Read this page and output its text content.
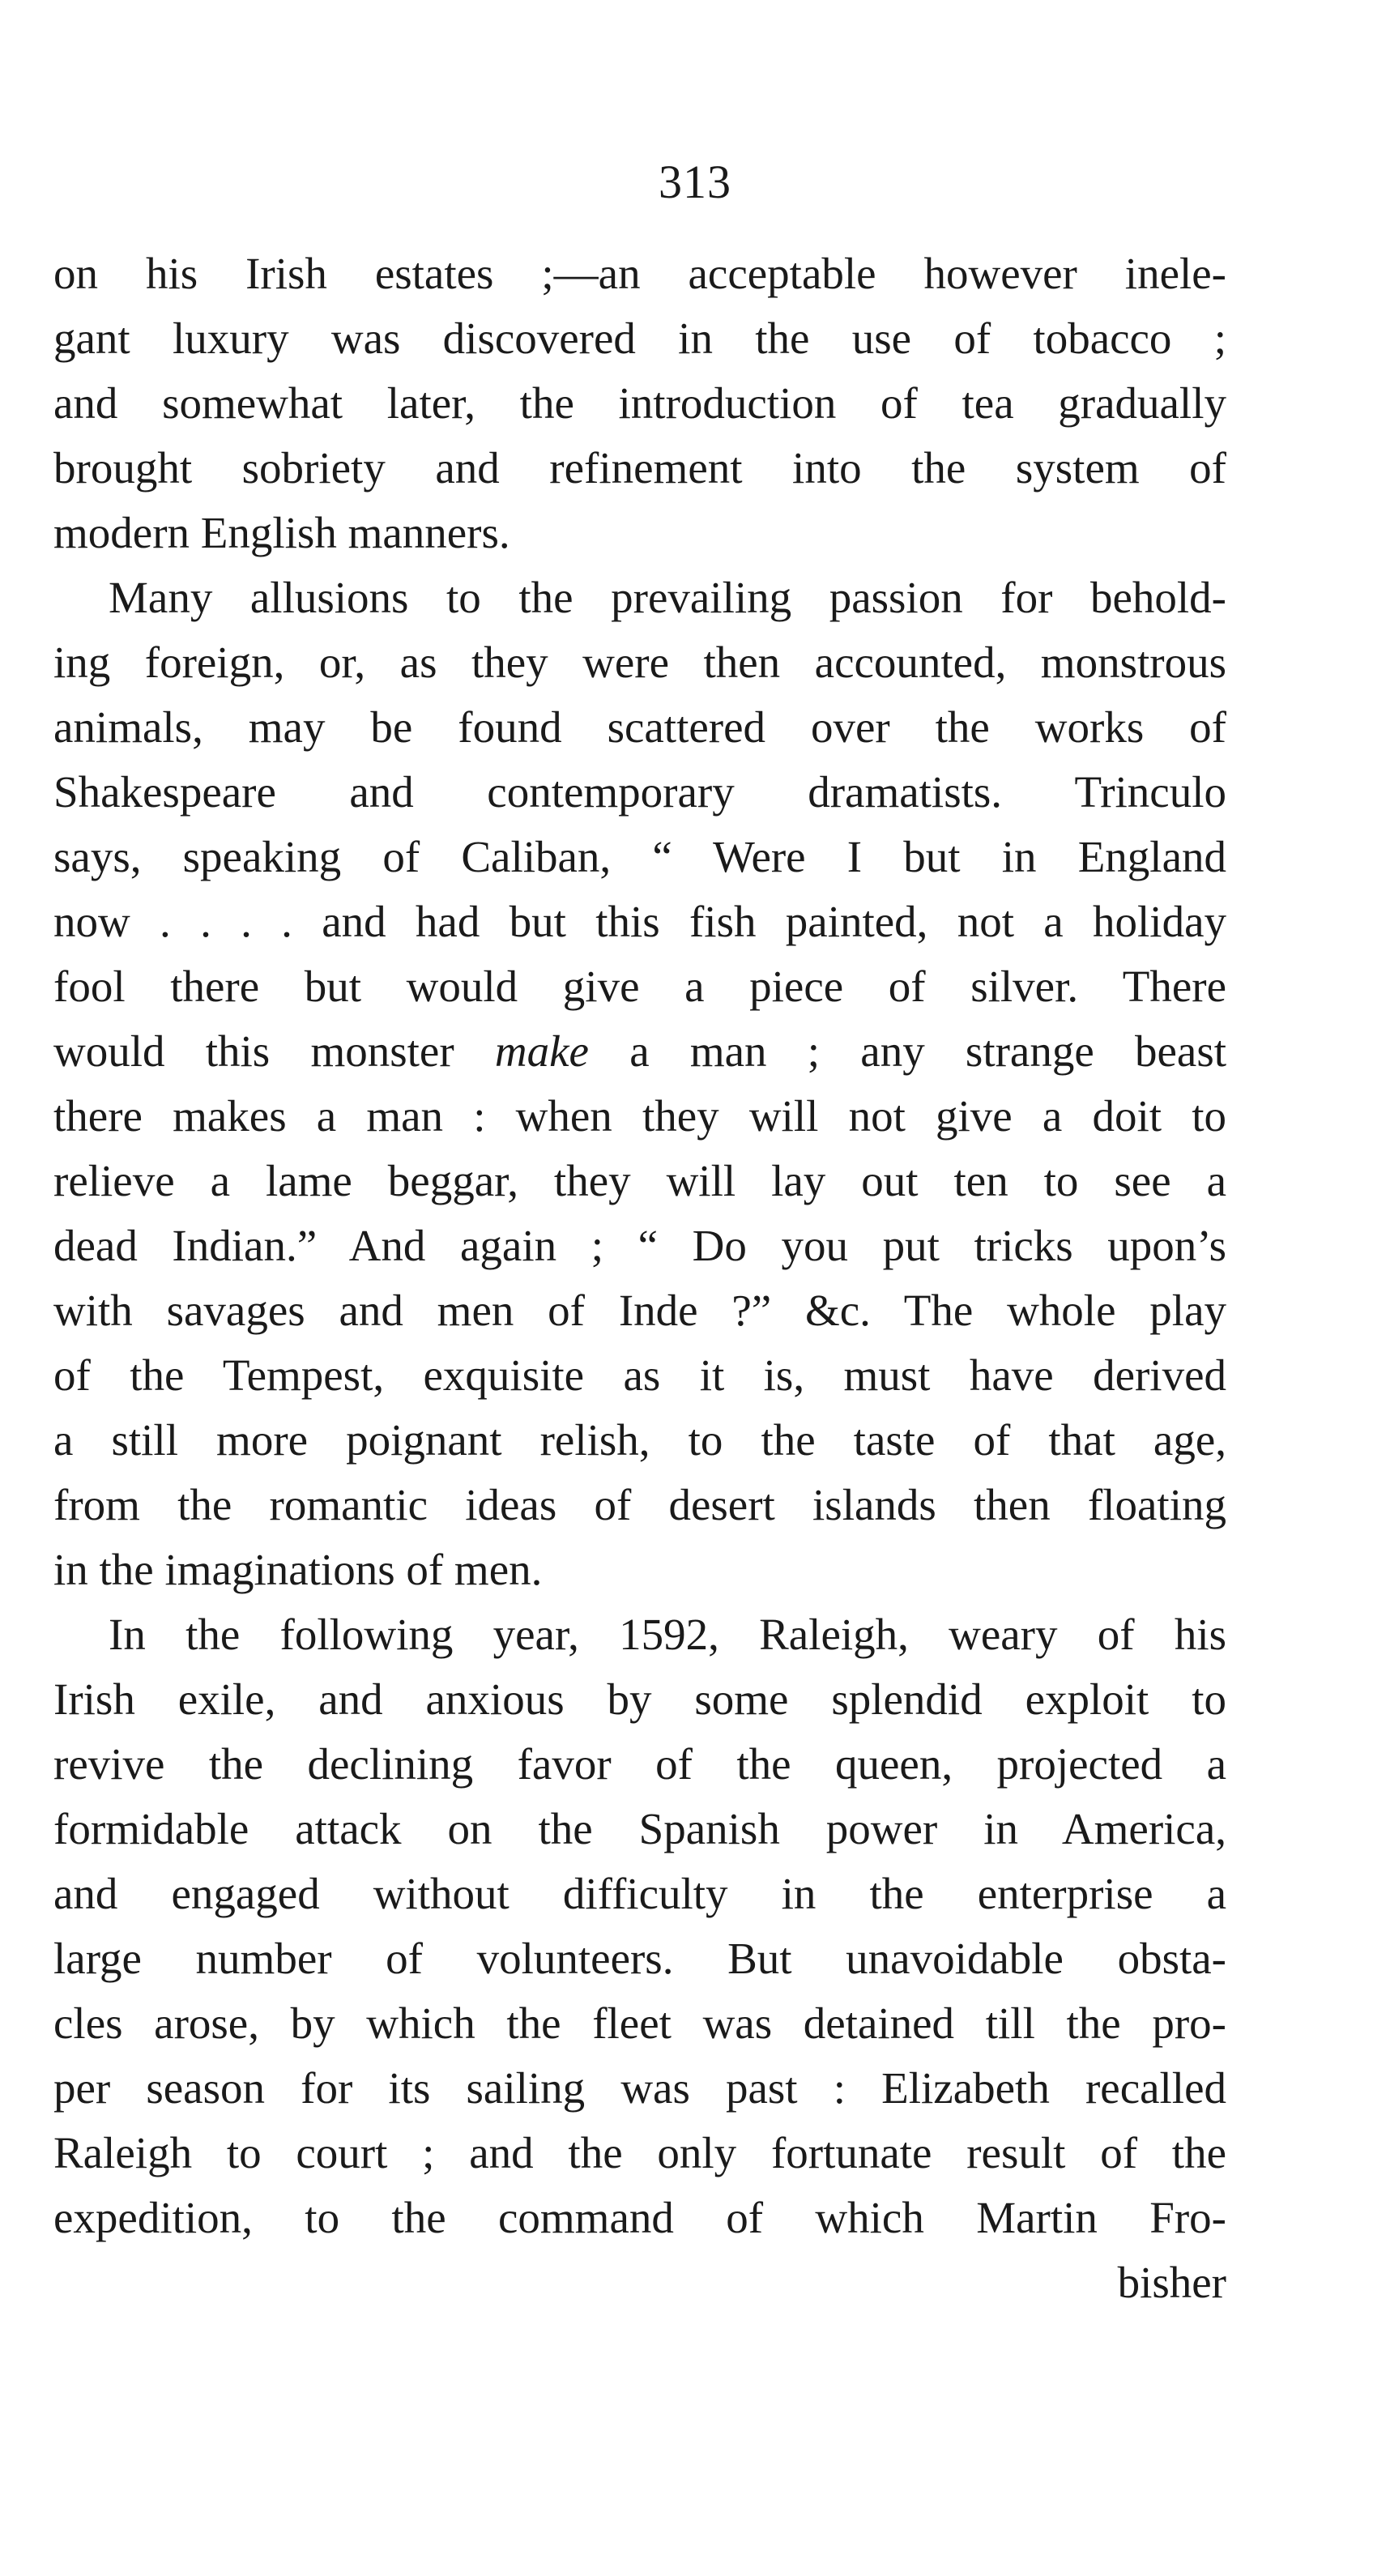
313
on his Irish estates ;—an acceptable however inele-
gant luxury was discovered in the use of tobacco ;
and somewhat later, the introduction of tea gradually
brought sobriety and refinement into the system of
modern English manners.
Many allusions to the prevailing passion for behold-
ing foreign, or, as they were then accounted, monstrous
animals, may be found scattered over the works of
Shakespeare and contemporary dramatists. Trinculo
says, speaking of Caliban, “ Were I but in England
now . . . . and had but this fish painted, not a holiday
fool there but would give a piece of silver. There
would this monster make a man ; any strange beast
there makes a man : when they will not give a doit to
relieve a lame beggar, they will lay out ten to see a
dead Indian.” And again ; “ Do you put tricks upon’s
with savages and men of Inde ?” &c. The whole play
of the Tempest, exquisite as it is, must have derived
a still more poignant relish, to the taste of that age,
from the romantic ideas of desert islands then floating
in the imaginations of men.
In the following year, 1592, Raleigh, weary of his
Irish exile, and anxious by some splendid exploit to
revive the declining favor of the queen, projected a
formidable attack on the Spanish power in America,
and engaged without difficulty in the enterprise a
large number of volunteers. But unavoidable obsta-
cles arose, by which the fleet was detained till the pro-
per season for its sailing was past : Elizabeth recalled
Raleigh to court ; and the only fortunate result of the
expedition, to the command of which Martin Fro-
bisher
